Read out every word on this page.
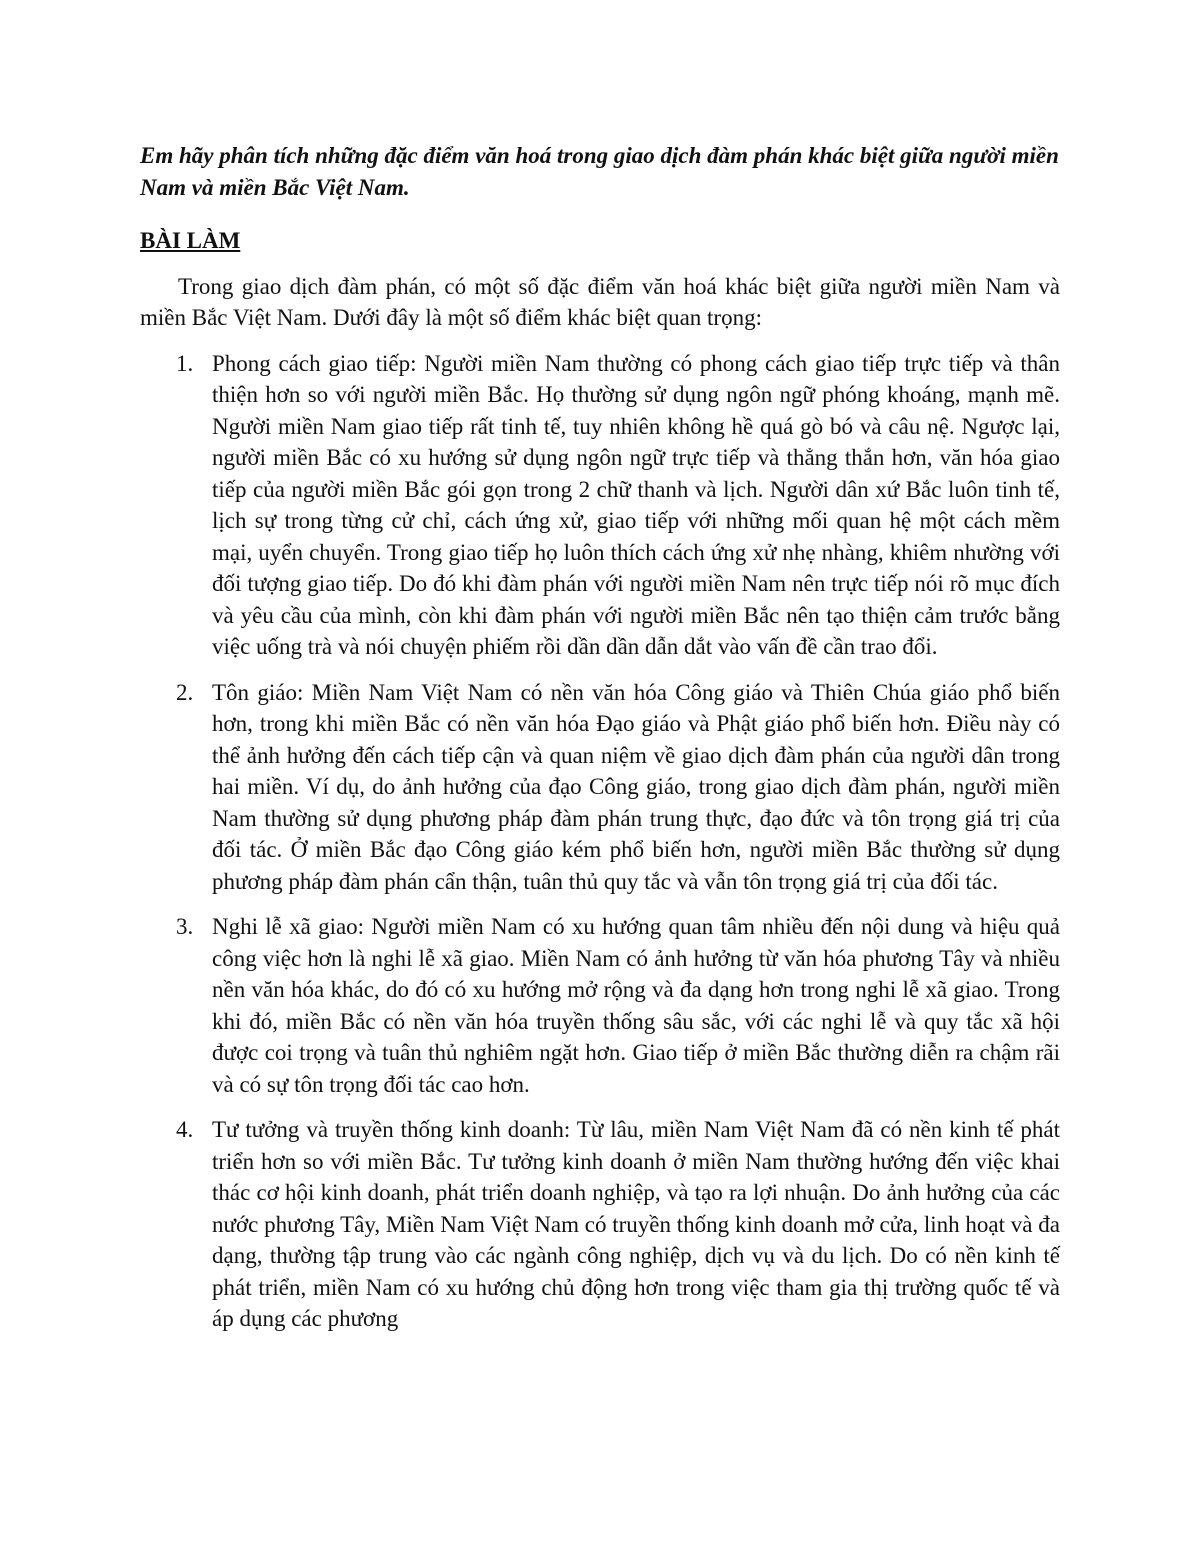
Em hãy phân tích những đặc điểm văn hoá trong giao dịch đàm phán khác biệt giữa người miền Nam và miền Bắc Việt Nam.
BÀI LÀM

Trong giao dịch đàm phán, có một số đặc điểm văn hoá khác biệt giữa người miền Nam và miền Bắc Việt Nam. Dưới đây là một số điểm khác biệt quan trọng:

1. Phong cách giao tiếp: Người miền Nam thường có phong cách giao tiếp trực tiếp và thân thiện hơn so với người miền Bắc. Họ thường sử dụng ngôn ngữ phóng khoáng, mạnh mẽ. Người miền Nam giao tiếp rất tinh tế, tuy nhiên không hề quá gò bó và câu nệ. Ngược lại, người miền Bắc có xu hướng sử dụng ngôn ngữ trực tiếp và thẳng thắn hơn, văn hóa giao tiếp của người miền Bắc gói gọn trong 2 chữ thanh và lịch. Người dân xứ Bắc luôn tinh tế, lịch sự trong từng cử chỉ, cách ứng xử, giao tiếp với những mối quan hệ một cách mềm mại, uyển chuyển. Trong giao tiếp họ luôn thích cách ứng xử nhẹ nhàng, khiêm nhường với đối tượng giao tiếp. Do đó khi đàm phán với người miền Nam nên trực tiếp nói rõ mục đích và yêu cầu của mình, còn khi đàm phán với người miền Bắc nên tạo thiện cảm trước bằng việc uống trà và nói chuyện phiếm rồi dần dần dẫn dắt vào vấn đề cần trao đổi.
2. Tôn giáo: Miền Nam Việt Nam có nền văn hóa Công giáo và Thiên Chúa giáo phổ biến hơn, trong khi miền Bắc có nền văn hóa Đạo giáo và Phật giáo phổ biến hơn. Điều này có thể ảnh hưởng đến cách tiếp cận và quan niệm về giao dịch đàm phán của người dân trong hai miền. Ví dụ, do ảnh hưởng của đạo Công giáo, trong giao dịch đàm phán, người miền Nam thường sử dụng phương pháp đàm phán trung thực, đạo đức và tôn trọng giá trị của đối tác. Ở miền Bắc đạo Công giáo kém phổ biến hơn, người miền Bắc thường sử dụng phương pháp đàm phán cẩn thận, tuân thủ quy tắc và vẫn tôn trọng giá trị của đối tác.
3. Nghi lễ xã giao: Người miền Nam có xu hướng quan tâm nhiều đến nội dung và hiệu quả công việc hơn là nghi lễ xã giao. Miền Nam có ảnh hưởng từ văn hóa phương Tây và nhiều nền văn hóa khác, do đó có xu hướng mở rộng và đa dạng hơn trong nghi lễ xã giao. Trong khi đó, miền Bắc có nền văn hóa truyền thống sâu sắc, với các nghi lễ và quy tắc xã hội được coi trọng và tuân thủ nghiêm ngặt hơn. Giao tiếp ở miền Bắc thường diễn ra chậm rãi và có sự tôn trọng đối tác cao hơn.
4. Tư tưởng và truyền thống kinh doanh: Từ lâu, miền Nam Việt Nam đã có nền kinh tế phát triển hơn so với miền Bắc. Tư tưởng kinh doanh ở miền Nam thường hướng đến việc khai thác cơ hội kinh doanh, phát triển doanh nghiệp, và tạo ra lợi nhuận. Do ảnh hưởng của các nước phương Tây, Miền Nam Việt Nam có truyền thống kinh doanh mở cửa, linh hoạt và đa dạng, thường tập trung vào các ngành công nghiệp, dịch vụ và du lịch. Do có nền kinh tế phát triển, miền Nam có xu hướng chủ động hơn trong việc tham gia thị trường quốc tế và áp dụng các phương
